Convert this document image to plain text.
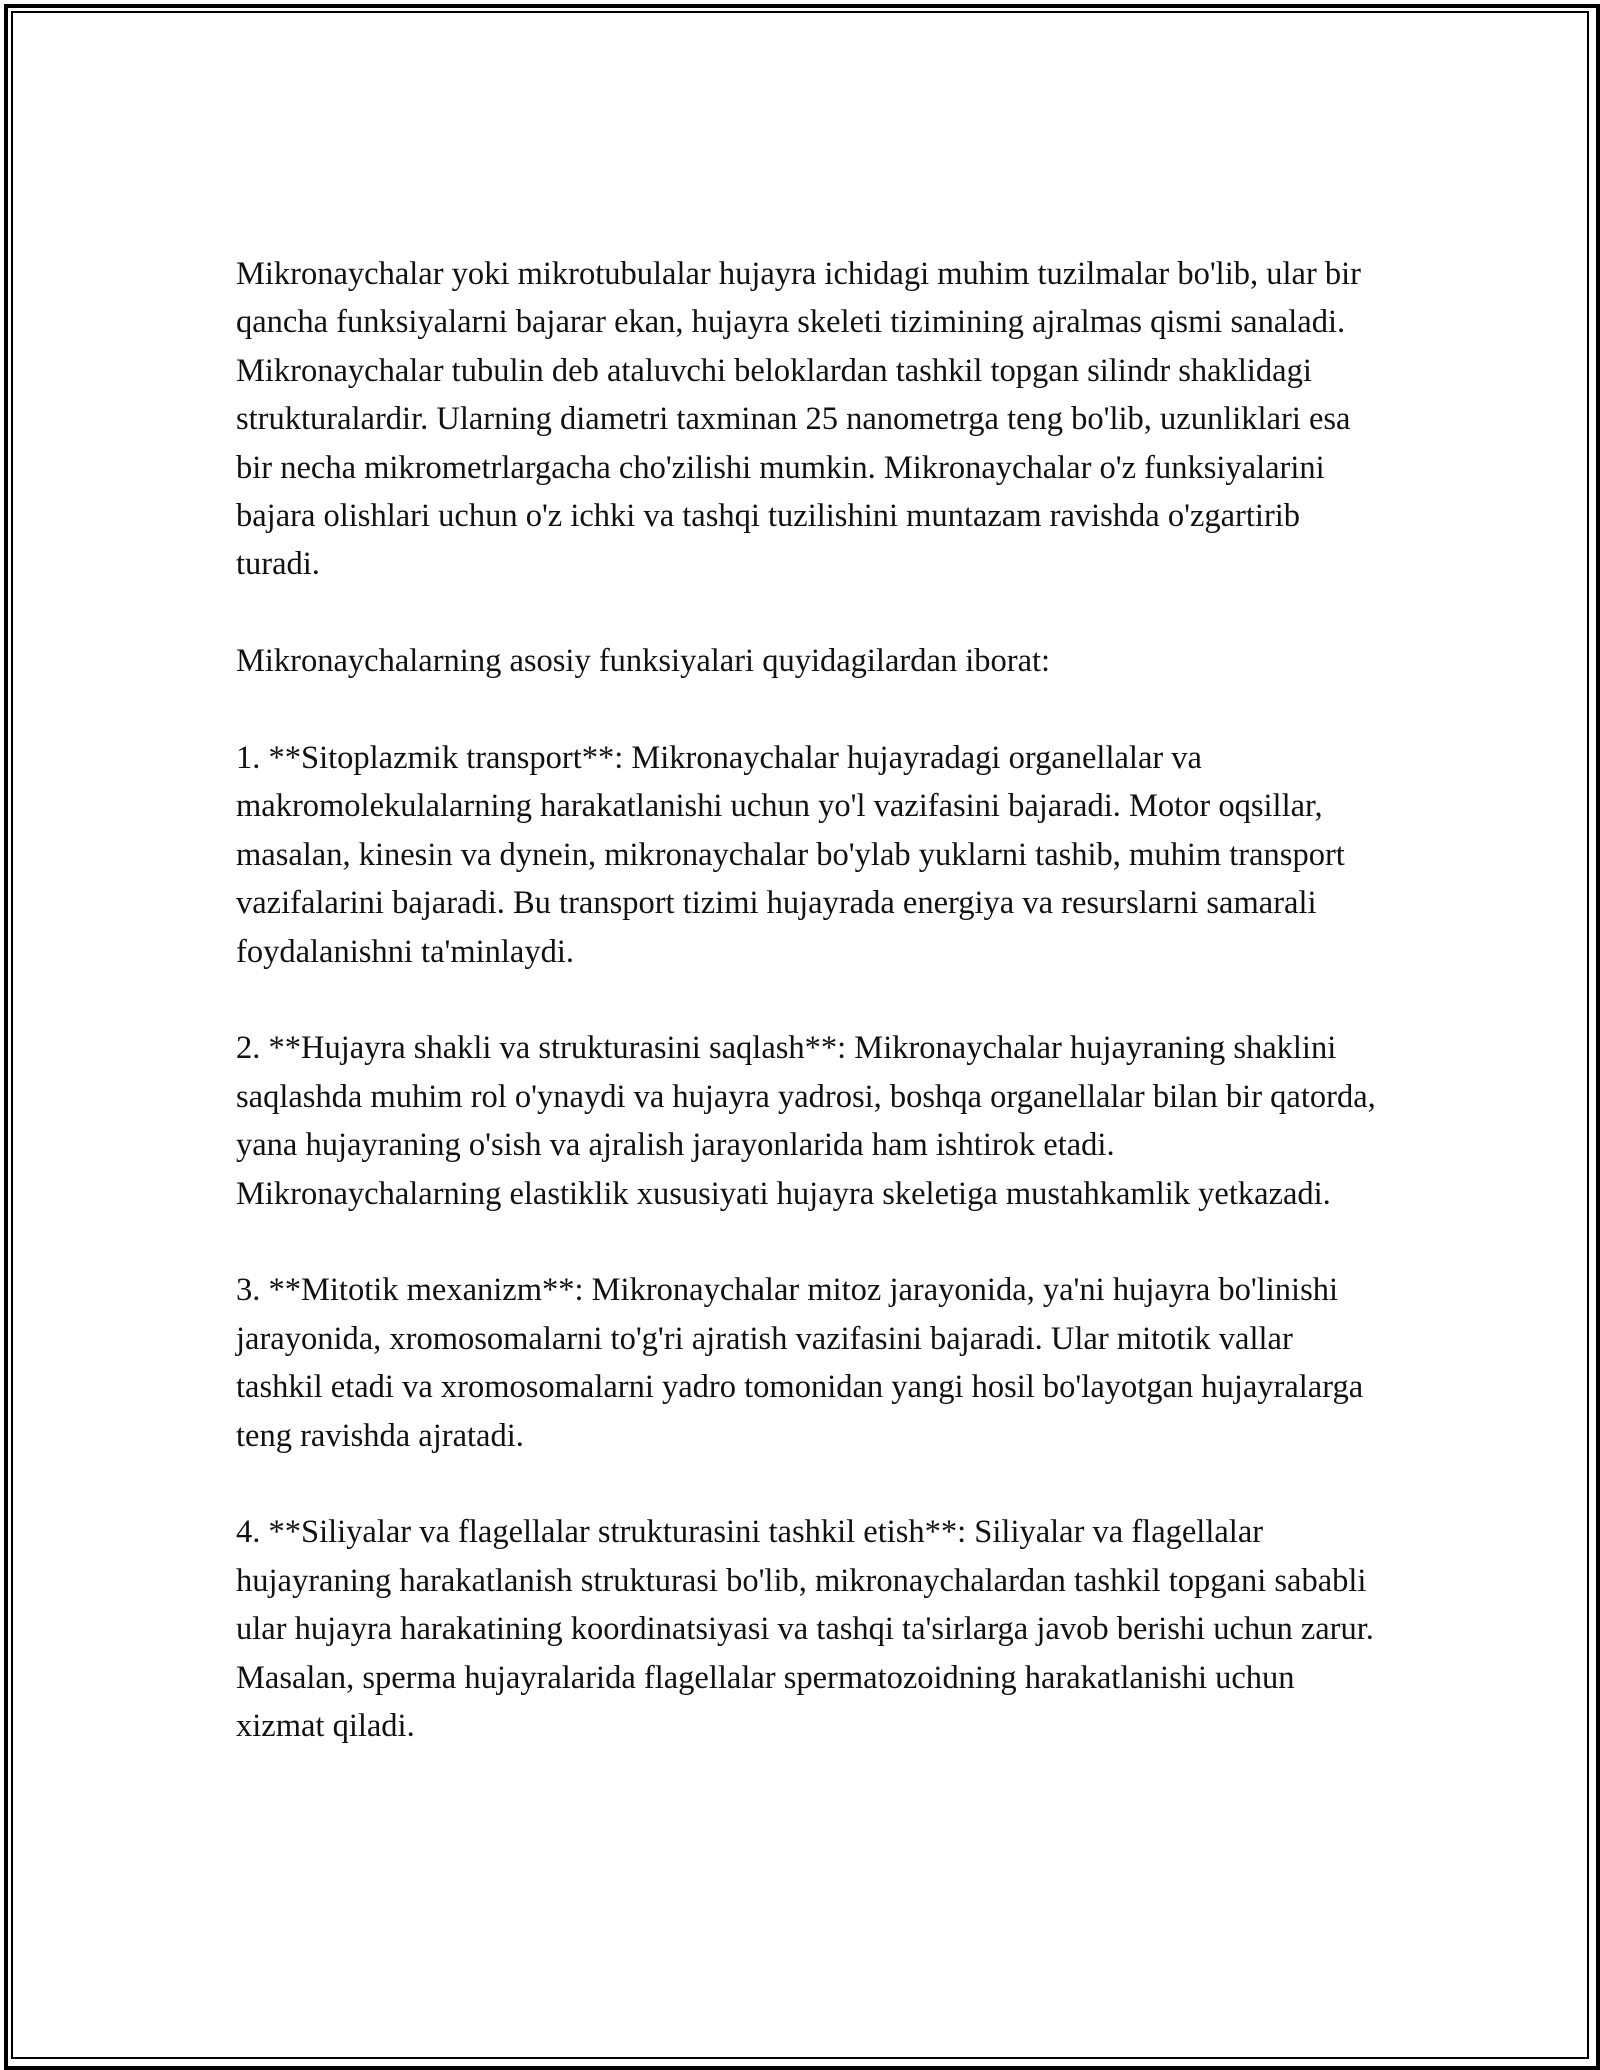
Mikronaychalar yoki mikrotubulalar hujayra ichidagi muhim tuzilmalar bo'lib, ular bir qancha funksiyalarni bajarar ekan, hujayra skeleti tizimining ajralmas qismi sanaladi. Mikronaychalar tubulin deb ataluvchi beloklardan tashkil topgan silindr shaklidagi strukturalardir. Ularning diametri taxminan 25 nanometrga teng bo'lib, uzunliklari esa bir necha mikrometrlargacha cho'zilishi mumkin. Mikronaychalar o'z funksiyalarini bajara olishlari uchun o'z ichki va tashqi tuzilishini muntazam ravishda o'zgartirib turadi.

Mikronaychalarning asosiy funksiyalari quyidagilardan iborat:

1. **Sitoplazmik transport**: Mikronaychalar hujayradagi organellalar va makromolekulalarning harakatlanishi uchun yo'l vazifasini bajaradi. Motor oqsillar, masalan, kinesin va dynein, mikronaychalar bo'ylab yuklarni tashib, muhim transport vazifalarini bajaradi. Bu transport tizimi hujayrada energiya va resurslarni samarali foydalanishni ta'minlaydi.

2. **Hujayra shakli va strukturasini saqlash**: Mikronaychalar hujayraning shaklini saqlashda muhim rol o'ynaydi va hujayra yadrosi, boshqa organellalar bilan bir qatorda, yana hujayraning o'sish va ajralish jarayonlarida ham ishtirok etadi. Mikronaychalarning elastiklik xususiyati hujayra skeletiga mustahkamlik yetkazadi.

3. **Mitotik mexanizm**: Mikronaychalar mitoz jarayonida, ya'ni hujayra bo'linishi jarayonida, xromosomalarni to'g'ri ajratish vazifasini bajaradi. Ular mitotik vallar tashkil etadi va xromosomalarni yadro tomonidan yangi hosil bo'layotgan hujayralarga teng ravishda ajratadi.

4. **Siliyalar va flagellalar strukturasini tashkil etish**: Siliyalar va flagellalar hujayraning harakatlanish strukturasi bo'lib, mikronaychalardan tashkil topgani sababli ular hujayra harakatining koordinatsiyasi va tashqi ta'sirlarga javob berishi uchun zarur. Masalan, sperma hujayralarida flagellalar spermatozoidning harakatlanishi uchun xizmat qiladi.
